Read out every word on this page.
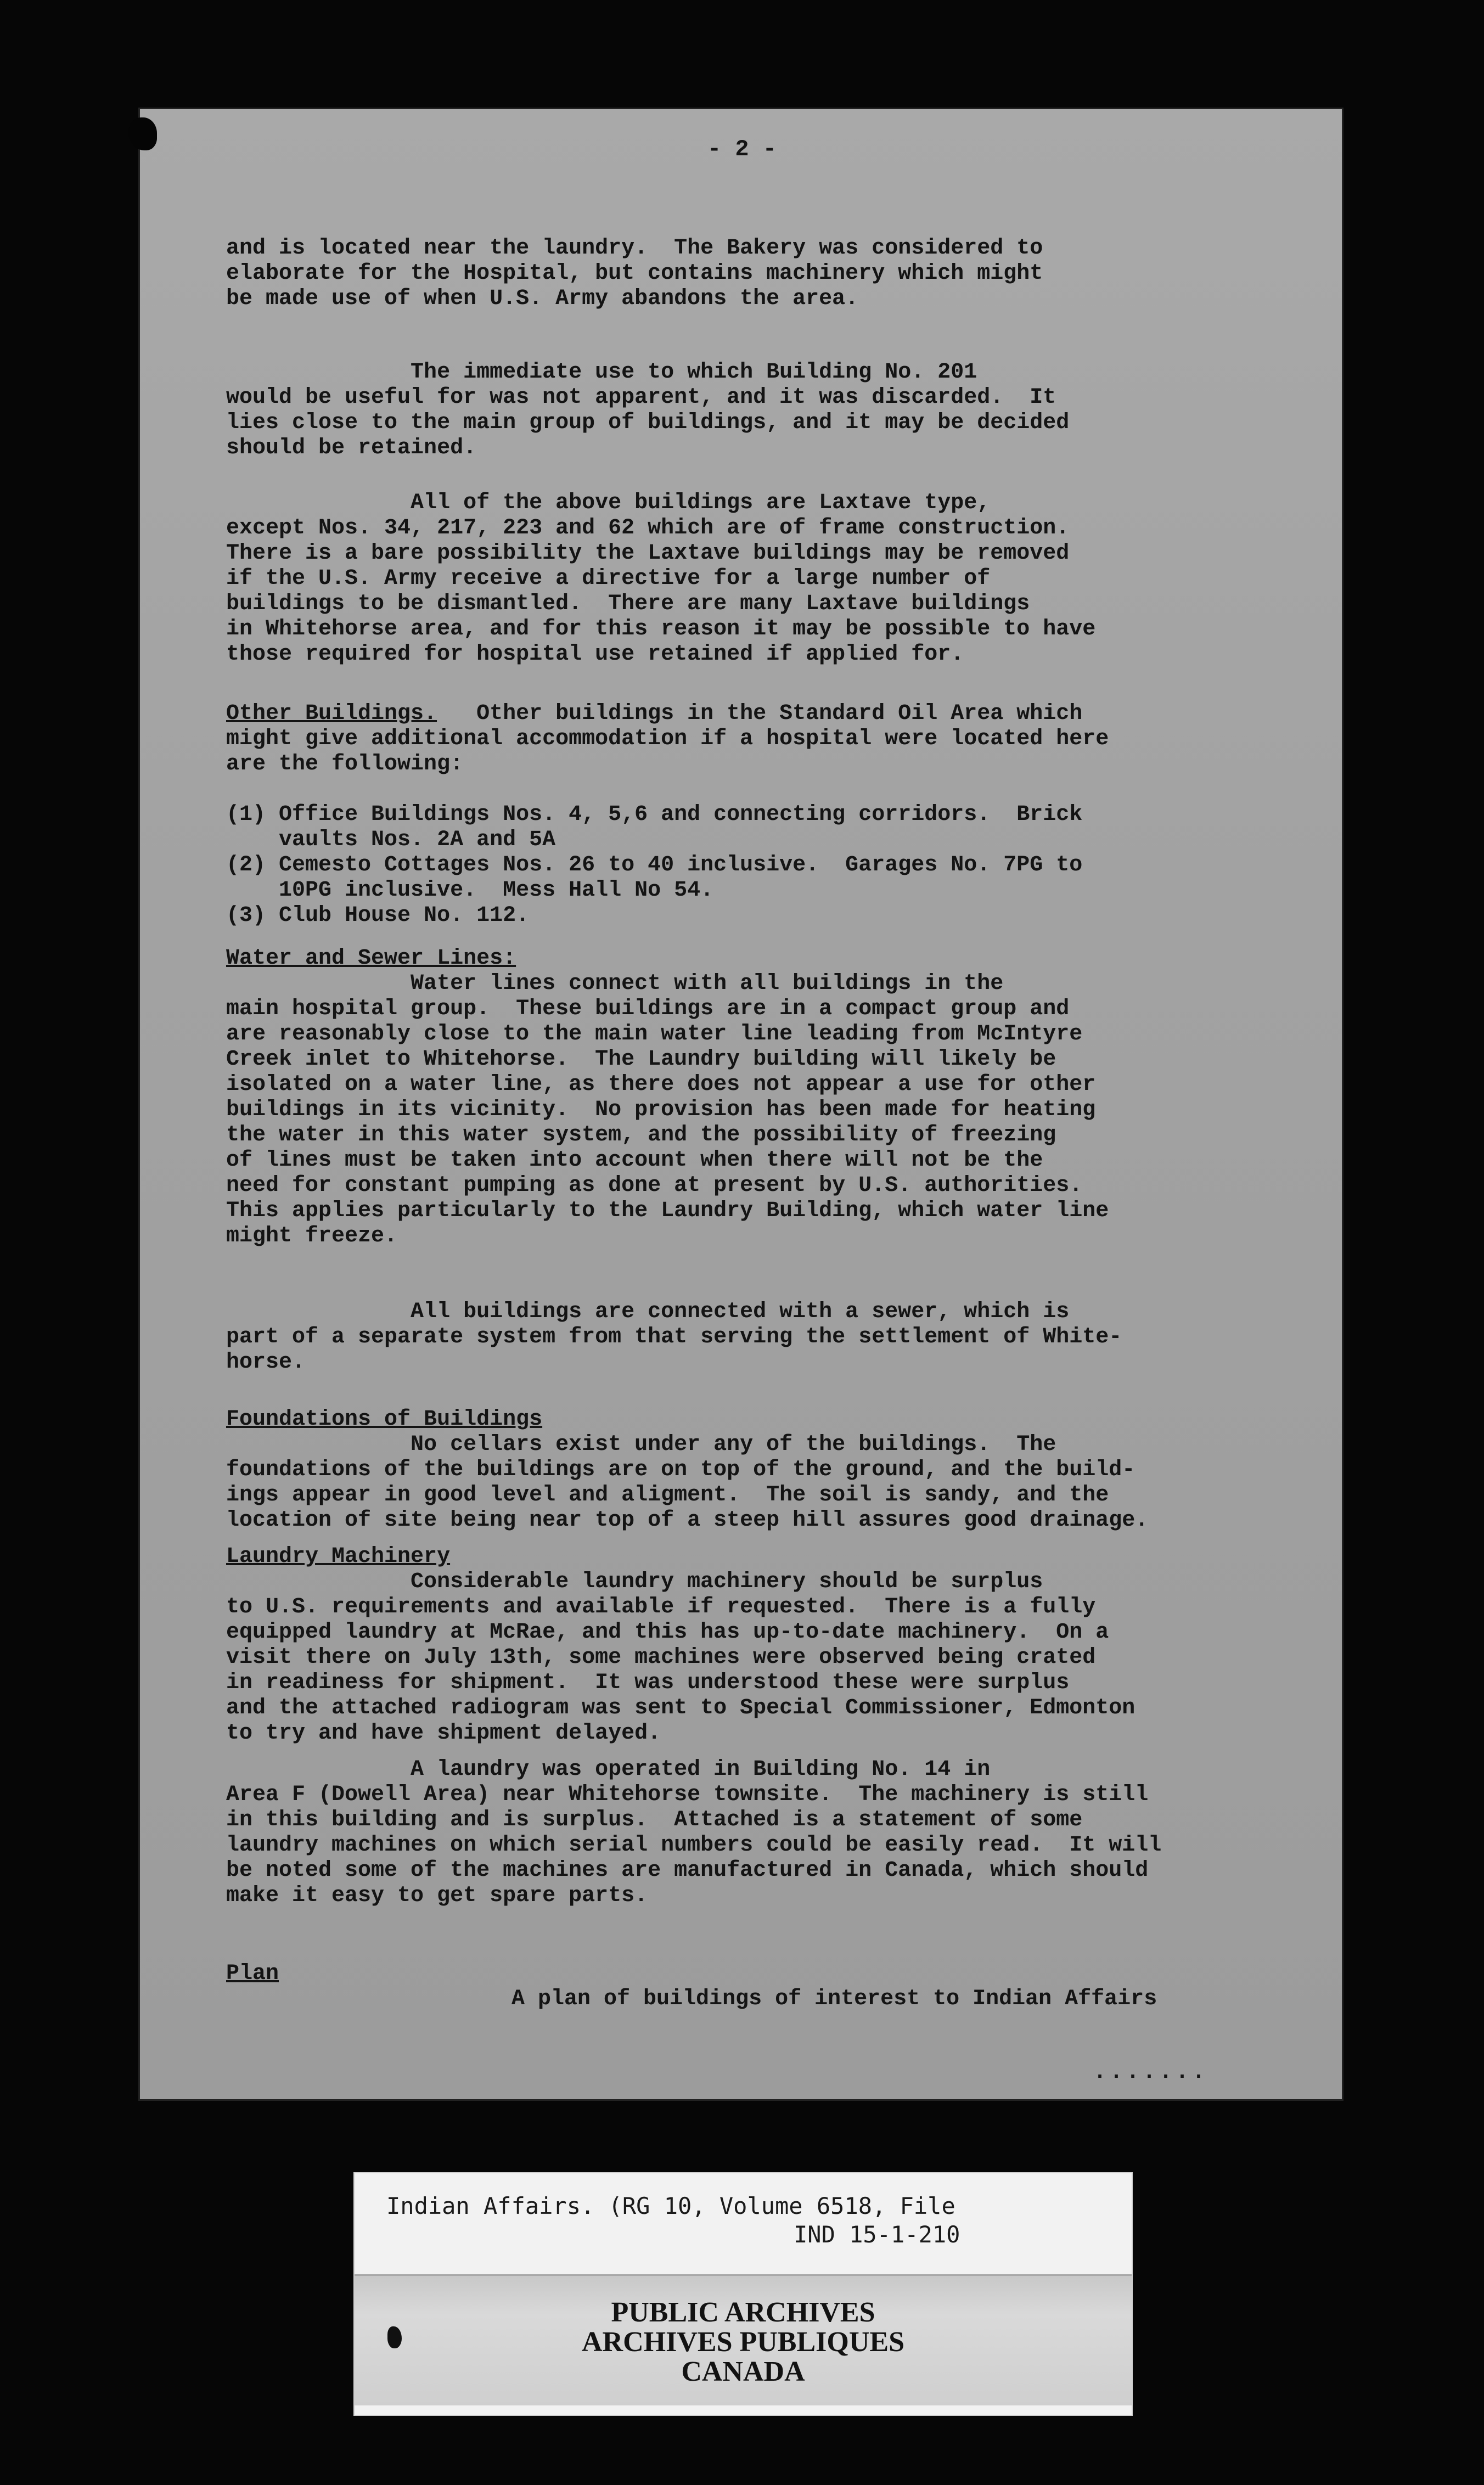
- 2 -
and is located near the laundry.  The Bakery was considered to
elaborate for the Hospital, but contains machinery which might
be made use of when U.S. Army abandons the area.
The immediate use to which Building No. 201
would be useful for was not apparent, and it was discarded.  It
lies close to the main group of buildings, and it may be decided
should be retained.
All of the above buildings are Laxtave type,
except Nos. 34, 217, 223 and 62 which are of frame construction.
There is a bare possibility the Laxtave buildings may be removed
if the U.S. Army receive a directive for a large number of
buildings to be dismantled.  There are many Laxtave buildings
in Whitehorse area, and for this reason it may be possible to have
those required for hospital use retained if applied for.
Other Buildings.   Other buildings in the Standard Oil Area which
might give additional accommodation if a hospital were located here
are the following:

(1) Office Buildings Nos. 4, 5,6 and connecting corridors.  Brick
vaults Nos. 2A and 5A
(2) Cemesto Cottages Nos. 26 to 40 inclusive.  Garages No. 7PG to
10PG inclusive.  Mess Hall No 54.
(3) Club House No. 112.
Water and Sewer Lines:
Water lines connect with all buildings in the
main hospital group.  These buildings are in a compact group and
are reasonably close to the main water line leading from McIntyre
Creek inlet to Whitehorse.  The Laundry building will likely be
isolated on a water line, as there does not appear a use for other
buildings in its vicinity.  No provision has been made for heating
the water in this water system, and the possibility of freezing
of lines must be taken into account when there will not be the
need for constant pumping as done at present by U.S. authorities.
This applies particularly to the Laundry Building, which water line
might freeze.
All buildings are connected with a sewer, which is
part of a separate system from that serving the settlement of White-
horse.
Foundations of Buildings
No cellars exist under any of the buildings.  The
foundations of the buildings are on top of the ground, and the build-
ings appear in good level and aligment.  The soil is sandy, and the
location of site being near top of a steep hill assures good drainage.
Laundry Machinery
Considerable laundry machinery should be surplus
to U.S. requirements and available if requested.  There is a fully
equipped laundry at McRae, and this has up-to-date machinery.  On a
visit there on July 13th, some machines were observed being crated
in readiness for shipment.  It was understood these were surplus
and the attached radiogram was sent to Special Commissioner, Edmonton
to try and have shipment delayed.
A laundry was operated in Building No. 14 in
Area F (Dowell Area) near Whitehorse townsite.  The machinery is still
in this building and is surplus.  Attached is a statement of some
laundry machines on which serial numbers could be easily read.  It will
be noted some of the machines are manufactured in Canada, which should
make it easy to get spare parts.
Plan
A plan of buildings of interest to Indian Affairs
.......
Indian Affairs. (RG 10, Volume 6518, File
IND 15-1-210
PUBLIC ARCHIVES
ARCHIVES PUBLIQUES
CANADA
